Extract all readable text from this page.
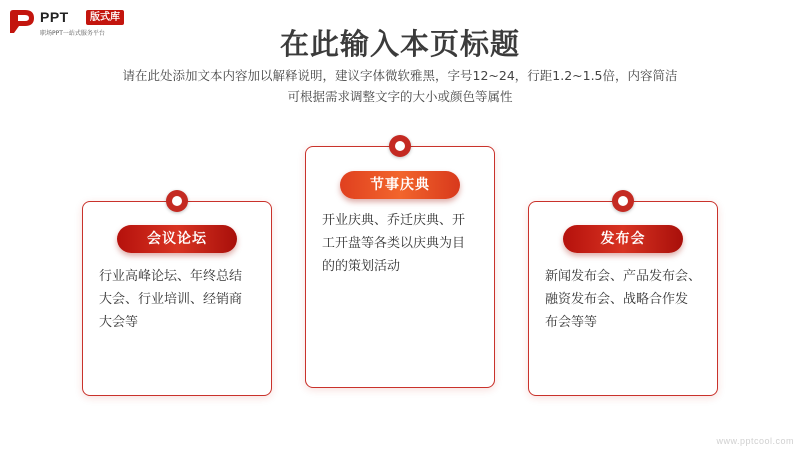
PPT	版式库
职场PPT一站式服务平台	在此输入本页标题
请在此处添加文本内容加以解释说明，建议字体微软雅黑，字号12~24，行距1.2~1.5倍，内容简洁
可根据需求调整文字的大小或颜色等属性
会议论坛
行业高峰论坛、年终总结
大会、行业培训、经销商
大会等
节事庆典
开业庆典、乔迁庆典、开
工开盘等各类以庆典为目
的的策划活动
发布会
新闻发布会、产品发布会、
融资发布会、战略合作发
布会等等
www.pptcool.com
